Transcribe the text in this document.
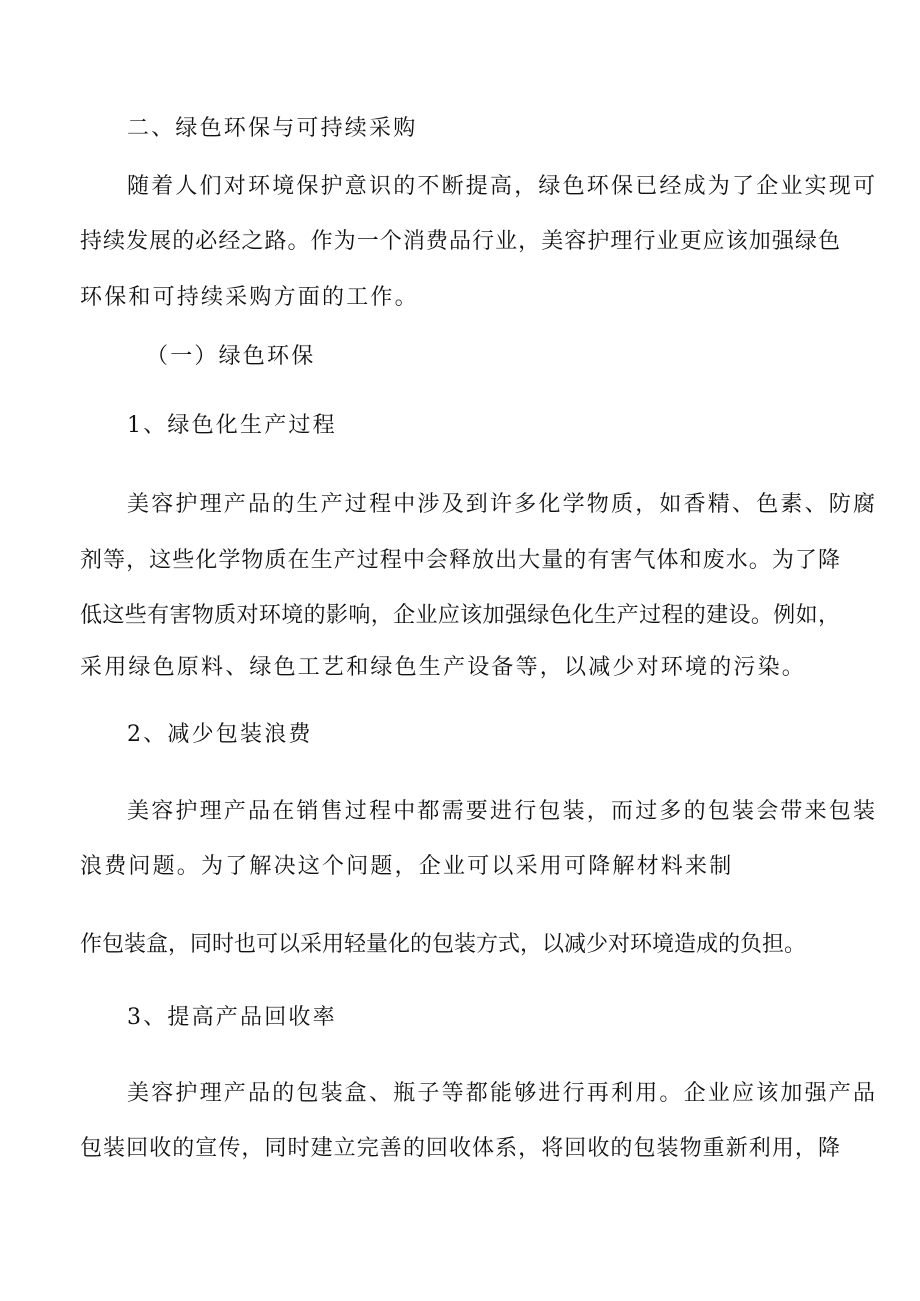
二、绿色环保与可持续采购
随着人们对环境保护意识的不断提高，绿色环保已经成为了企业实现可
持续发展的必经之路。作为一个消费品行业，美容护理行业更应该加强绿色
环保和可持续采购方面的工作。
（一）绿色环保
1、绿色化生产过程
美容护理产品的生产过程中涉及到许多化学物质，如香精、色素、防腐
剂等，这些化学物质在生产过程中会释放出大量的有害气体和废水。为了降
低这些有害物质对环境的影响，企业应该加强绿色化生产过程的建设。例如，
采用绿色原料、绿色工艺和绿色生产设备等，以减少对环境的污染。
2、减少包装浪费
美容护理产品在销售过程中都需要进行包装，而过多的包装会带来包装
浪费问题。为了解决这个问题，企业可以采用可降解材料来制
作包装盒，同时也可以采用轻量化的包装方式，以减少对环境造成的负担。
3、提高产品回收率
美容护理产品的包装盒、瓶子等都能够进行再利用。企业应该加强产品
包装回收的宣传，同时建立完善的回收体系，将回收的包装物重新利用，降
